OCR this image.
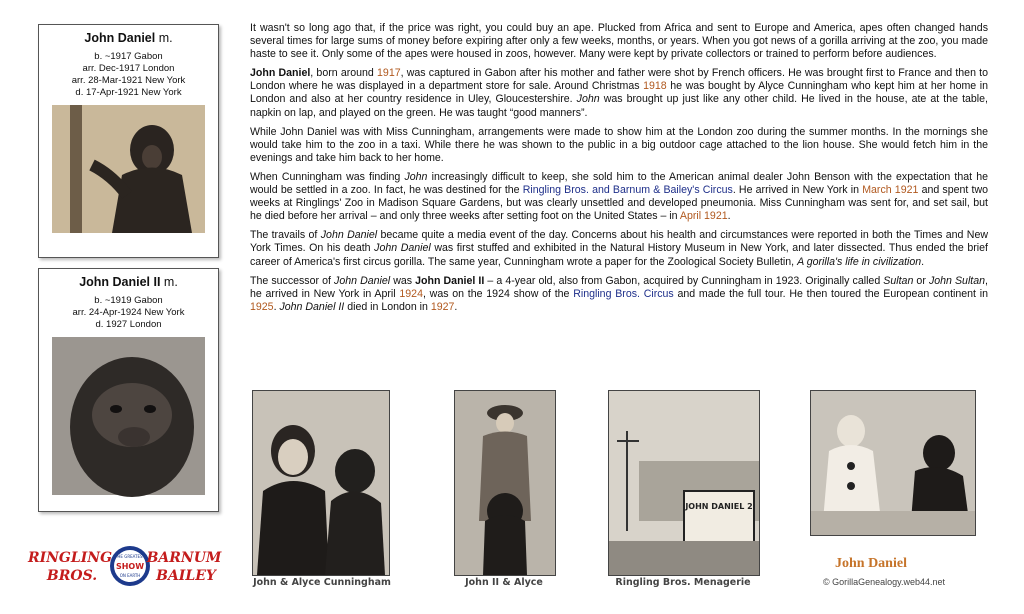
John Daniel m.
b. ~1917 Gabon
arr. Dec-1917 London
arr. 28-Mar-1921 New York
d. 17-Apr-1921 New York
John Daniel II m.
b. ~1919 Gabon
arr. 24-Apr-1924 New York
d. 1927 London

It wasn't so long ago that, if the price was right, you could buy an ape. Plucked from Africa and sent to Europe and America, apes often changed hands several times for large sums of money before expiring after only a few weeks, months, or years. When you got news of a gorilla arriving at the zoo, you made haste to see it. Only some of the apes were housed in zoos, however. Many were kept by private collectors or trained to perform before audiences.

John Daniel, born around 1917, was captured in Gabon after his mother and father were shot by French officers. He was brought first to France and then to London where he was displayed in a department store for sale. Around Christmas 1918 he was bought by Alyce Cunningham who kept him at her home in London and also at her country residence in Uley, Gloucestershire. John was brought up just like any other child. He lived in the house, ate at the table, napkin on lap, and played on the green. He was taught “good manners”.

While John Daniel was with Miss Cunningham, arrangements were made to show him at the London zoo during the summer months. In the mornings she would take him to the zoo in a taxi. While there he was shown to the public in a big outdoor cage attached to the lion house. She would fetch him in the evenings and take him back to her home.

When Cunningham was finding John increasingly difficult to keep, she sold him to the American animal dealer John Benson with the expectation that he would be settled in a zoo. In fact, he was destined for the Ringling Bros. and Barnum & Bailey's Circus. He arrived in New York in March 1921 and spent two weeks at Ringlings' Zoo in Madison Square Gardens, but was clearly unsettled and developed pneumonia. Miss Cunningham was sent for, and set sail, but he died before her arrival – and only three weeks after setting foot on the United States – in April 1921.

The travails of John Daniel became quite a media event of the day. Concerns about his health and circumstances were reported in both the Times and New York Times. On his death John Daniel was first stuffed and exhibited in the Natural History Museum in New York, and later dissected. Thus ended the brief career of America's first circus gorilla. The same year, Cunningham wrote a paper for the Zoological Society Bulletin, A gorilla's life in civilization.

The successor of John Daniel was John Daniel II – a 4-year old, also from Gabon, acquired by Cunningham in 1923. Originally called Sultan or John Sultan, he arrived in New York in April 1924, was on the 1924 show of the Ringling Bros. Circus and made the full tour. He then toured the European continent in 1925. John Daniel II died in London in 1927.

JOHN DANIEL 2
John & Alyce Cunningham	John II & Alyce	Ringling Bros. Menagerie
RINGLING
BROS.
THE GREATEST
SHOW
ON EARTH
BARNUM
BAILEY
John Daniel
© GorillaGenealogy.web44.net
